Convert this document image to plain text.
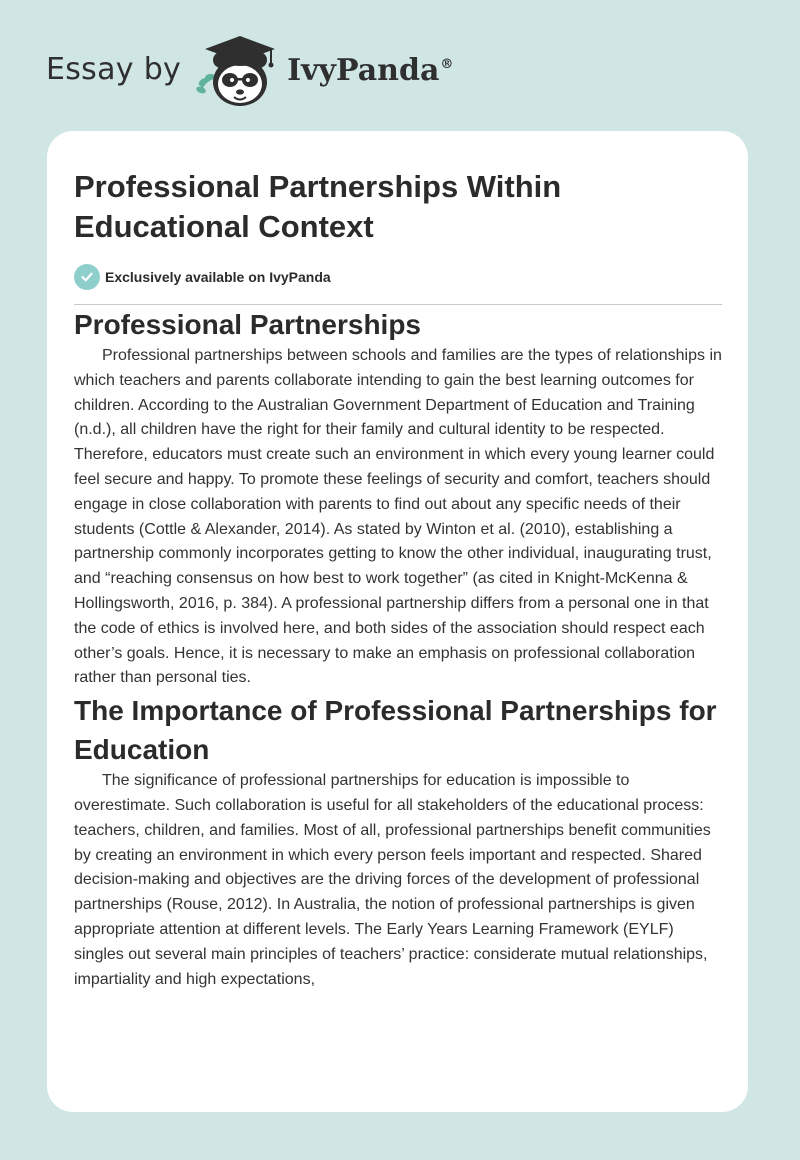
Essay by	IvyPanda®
Professional Partnerships Within Educational Context
Exclusively available on IvyPanda
Professional Partnerships

Professional partnerships between schools and families are the types of relationships in which teachers and parents collaborate intending to gain the best learning outcomes for children. According to the Australian Government Department of Education and Training (n.d.), all children have the right for their family and cultural identity to be respected. Therefore, educators must create such an environment in which every young learner could feel secure and happy. To promote these feelings of security and comfort, teachers should engage in close collaboration with parents to find out about any specific needs of their students (Cottle & Alexander, 2014). As stated by Winton et al. (2010), establishing a partnership commonly incorporates getting to know the other individual, inaugurating trust, and “reaching consensus on how best to work together” (as cited in Knight-McKenna & Hollingsworth, 2016, p. 384). A professional partnership differs from a personal one in that the code of ethics is involved here, and both sides of the association should respect each other’s goals. Hence, it is necessary to make an emphasis on professional collaboration rather than personal ties.

The Importance of Professional Partnerships for Education

The significance of professional partnerships for education is impossible to overestimate. Such collaboration is useful for all stakeholders of the educational process: teachers, children, and families. Most of all, professional partnerships benefit communities by creating an environment in which every person feels important and respected. Shared decision-making and objectives are the driving forces of the development of professional partnerships (Rouse, 2012). In Australia, the notion of professional partnerships is given appropriate attention at different levels. The Early Years Learning Framework (EYLF) singles out several main principles of teachers’ practice: considerate mutual relationships, impartiality and high expectations,
